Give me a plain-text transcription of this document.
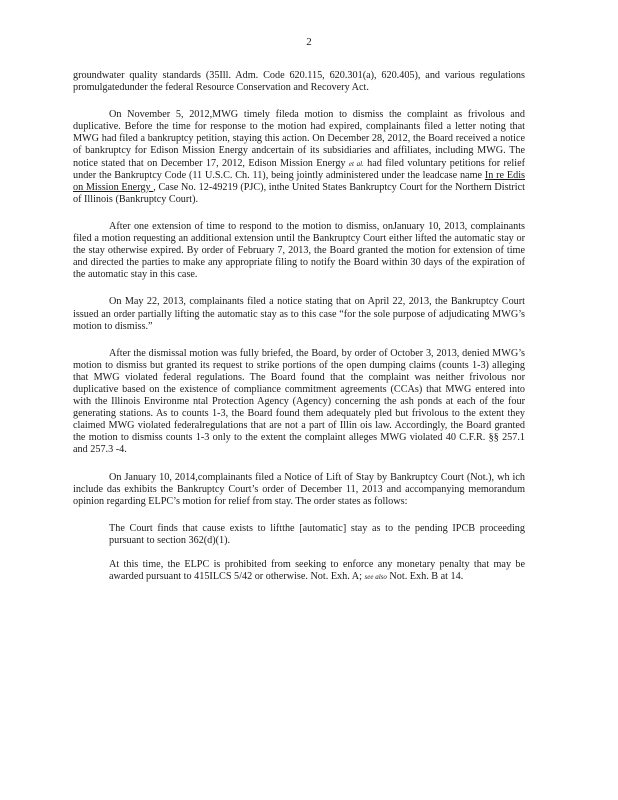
2

groundwater quality standards (35Ill. Adm. Code 620.115, 620.301(a), 620.405), and various regulations promulgatedunder the federal Resource Conservation and Recovery Act.

On November 5, 2012,MWG timely fileda motion to dismiss the complaint as frivolous and duplicative. Before the time for response to the motion had expired, complainants filed a letter noting that MWG had filed a bankruptcy petition, staying this action. On December 28, 2012, the Board received a notice of bankruptcy for Edison Mission Energy andcertain of its subsidiaries and affiliates, including MWG. The notice stated that on December 17, 2012, Edison Mission Energy et al. had filed voluntary petitions for relief under the Bankruptcy Code (11 U.S.C. Ch. 11), being jointly administered under the leadcase name In re Edis on Mission Energy , Case No. 12-49219 (PJC), inthe United States Bankruptcy Court for the Northern District of Illinois (Bankruptcy Court).

After one extension of time to respond to the motion to dismiss, onJanuary 10, 2013, complainants filed a motion requesting an additional extension until the Bankruptcy Court either lifted the automatic stay or the stay otherwise expired. By order of February 7, 2013, the Board granted the motion for extension of time and directed the parties to make any appropriate filing to notify the Board within 30 days of the expiration of the automatic stay in this case.

On May 22, 2013, complainants filed a notice stating that on April 22, 2013, the Bankruptcy Court issued an order partially lifting the automatic stay as to this case “for the sole purpose of adjudicating MWG’s motion to dismiss.”

After the dismissal motion was fully briefed, the Board, by order of October 3, 2013, denied MWG’s motion to dismiss but granted its request to strike portions of the open dumping claims (counts 1-3) alleging that MWG violated federal regulations. The Board found that the complaint was neither frivolous nor duplicative based on the existence of compliance commitment agreements (CCAs) that MWG entered into with the Illinois Environme ntal Protection Agency (Agency) concerning the ash ponds at each of the four generating stations. As to counts 1-3, the Board found them adequately pled but frivolous to the extent they claimed MWG violated federalregulations that are not a part of Illin ois law. Accordingly, the Board granted the motion to dismiss counts 1-3 only to the extent the complaint alleges MWG violated 40 C.F.R. §§ 257.1 and 257.3 -4.

On January 10, 2014,complainants filed a Notice of Lift of Stay by Bankruptcy Court (Not.), wh ich include das exhibits the Bankruptcy Court’s order of December 11, 2013 and accompanying memorandum opinion regarding ELPC’s motion for relief from stay. The order states as follows:

The Court finds that cause exists to liftthe [automatic] stay as to the pending IPCB proceeding pursuant to section 362(d)(1).
At this time, the ELPC is prohibited from seeking to enforce any monetary penalty that may be awarded pursuant to 415ILCS 5/42 or otherwise. Not. Exh. A; see also Not. Exh. B at 14.
